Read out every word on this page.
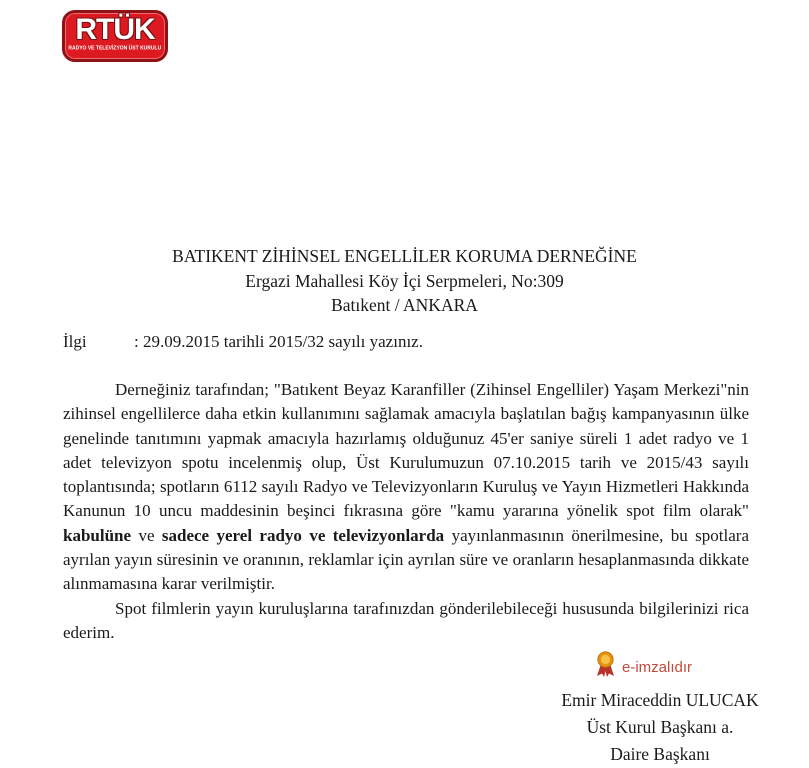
RTÜK
RADYO VE TELEVİZYON ÜST KURULU
BATIKENT ZİHİNSEL ENGELLİLER KORUMA DERNEĞİNE
Ergazi Mahallesi Köy İçi Serpmeleri, No:309
Batıkent / ANKARA
İlgi	: 29.09.2015 tarihli 2015/32 sayılı yazınız.

Derneğiniz tarafından; "Batıkent Beyaz Karanfiller (Zihinsel Engelliler) Yaşam Merkezi"nin zihinsel engellilerce daha etkin kullanımını sağlamak amacıyla başlatılan bağış kampanyasının ülke genelinde tanıtımını yapmak amacıyla hazırlamış olduğunuz 45'er saniye süreli 1 adet radyo ve 1 adet televizyon spotu incelenmiş olup, Üst Kurulumuzun 07.10.2015 tarih ve 2015/43 sayılı toplantısında; spotların 6112 sayılı Radyo ve Televizyonların Kuruluş ve Yayın Hizmetleri Hakkında Kanunun 10 uncu maddesinin beşinci fıkrasına göre "kamu yararına yönelik spot film olarak" kabulüne ve sadece yerel radyo ve televizyonlarda yayınlanmasının önerilmesine, bu spotlara ayrılan yayın süresinin ve oranının, reklamlar için ayrılan süre ve oranların hesaplanmasında dikkate alınmamasına karar verilmiştir.

Spot filmlerin yayın kuruluşlarına tarafınızdan gönderilebileceği hususunda bilgilerinizi rica ederim.

e-imzalıdır
Emir Miraceddin ULUCAK
Üst Kurul Başkanı a.
Daire Başkanı
